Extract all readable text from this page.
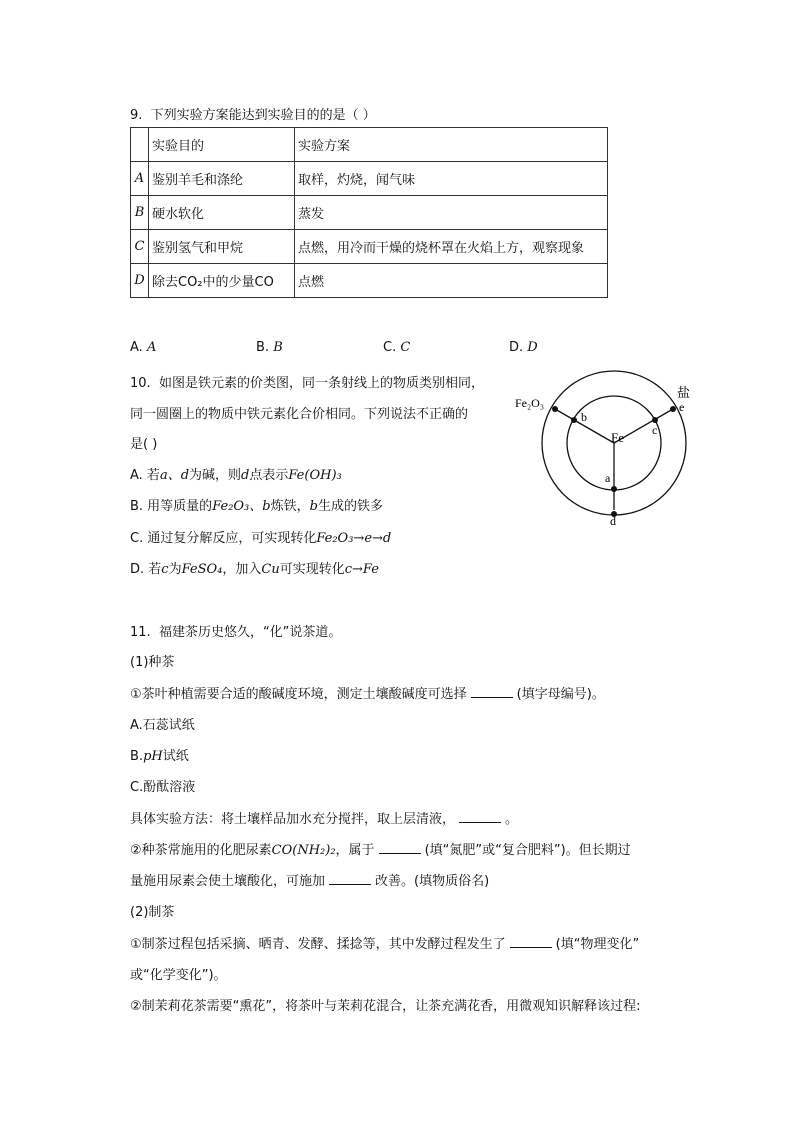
9.  下列实验方案能达到实验目的的是（ ）
	实验目的	实验方案
A	鉴别羊毛和涤纶	取样，灼烧，闻气味
B	硬水软化	蒸发
C	鉴别氢气和甲烷	点燃，用冷而干燥的烧杯罩在火焰上方，观察现象
D	除去CO₂中的少量CO	点燃
A. A	B. B	C. C	D. D
10.  如图是铁元素的价类图，同一条射线上的物质类别相同，
同一圆圈上的物质中铁元素化合价相同。下列说法不正确的
是( )
A. 若a、d为碱，则d点表示Fe(OH)₃
B. 用等质量的Fe₂O₃、b炼铁，b生成的铁多
C. 通过复分解反应，可实现转化Fe₂O₃→e→d
D. 若c为FeSO₄，加入Cu可实现转化c→Fe
Fe
Fe₂O₃
盐
b
c
e
a
d
11.  福建茶历史悠久，“化”说茶道。
(1)种茶
①茶叶种植需要合适的酸碱度环境，测定土壤酸碱度可选择	(填字母编号)。
A.石蕊试纸
B.pH试纸
C.酚酞溶液
具体实验方法：将土壤样品加水充分搅拌，取上层清液，	。
②种茶常施用的化肥尿素CO(NH₂)₂，属于	(填“氮肥”或“复合肥料”)。但长期过
量施用尿素会使土壤酸化，可施加	改善。(填物质俗名)
(2)制茶
①制茶过程包括采摘、晒青、发酵、揉捻等，其中发酵过程发生了	(填“物理变化”
或“化学变化”)。
②制茉莉花茶需要“熏花”，将茶叶与茉莉花混合，让茶充满花香，用微观知识解释该过程:
